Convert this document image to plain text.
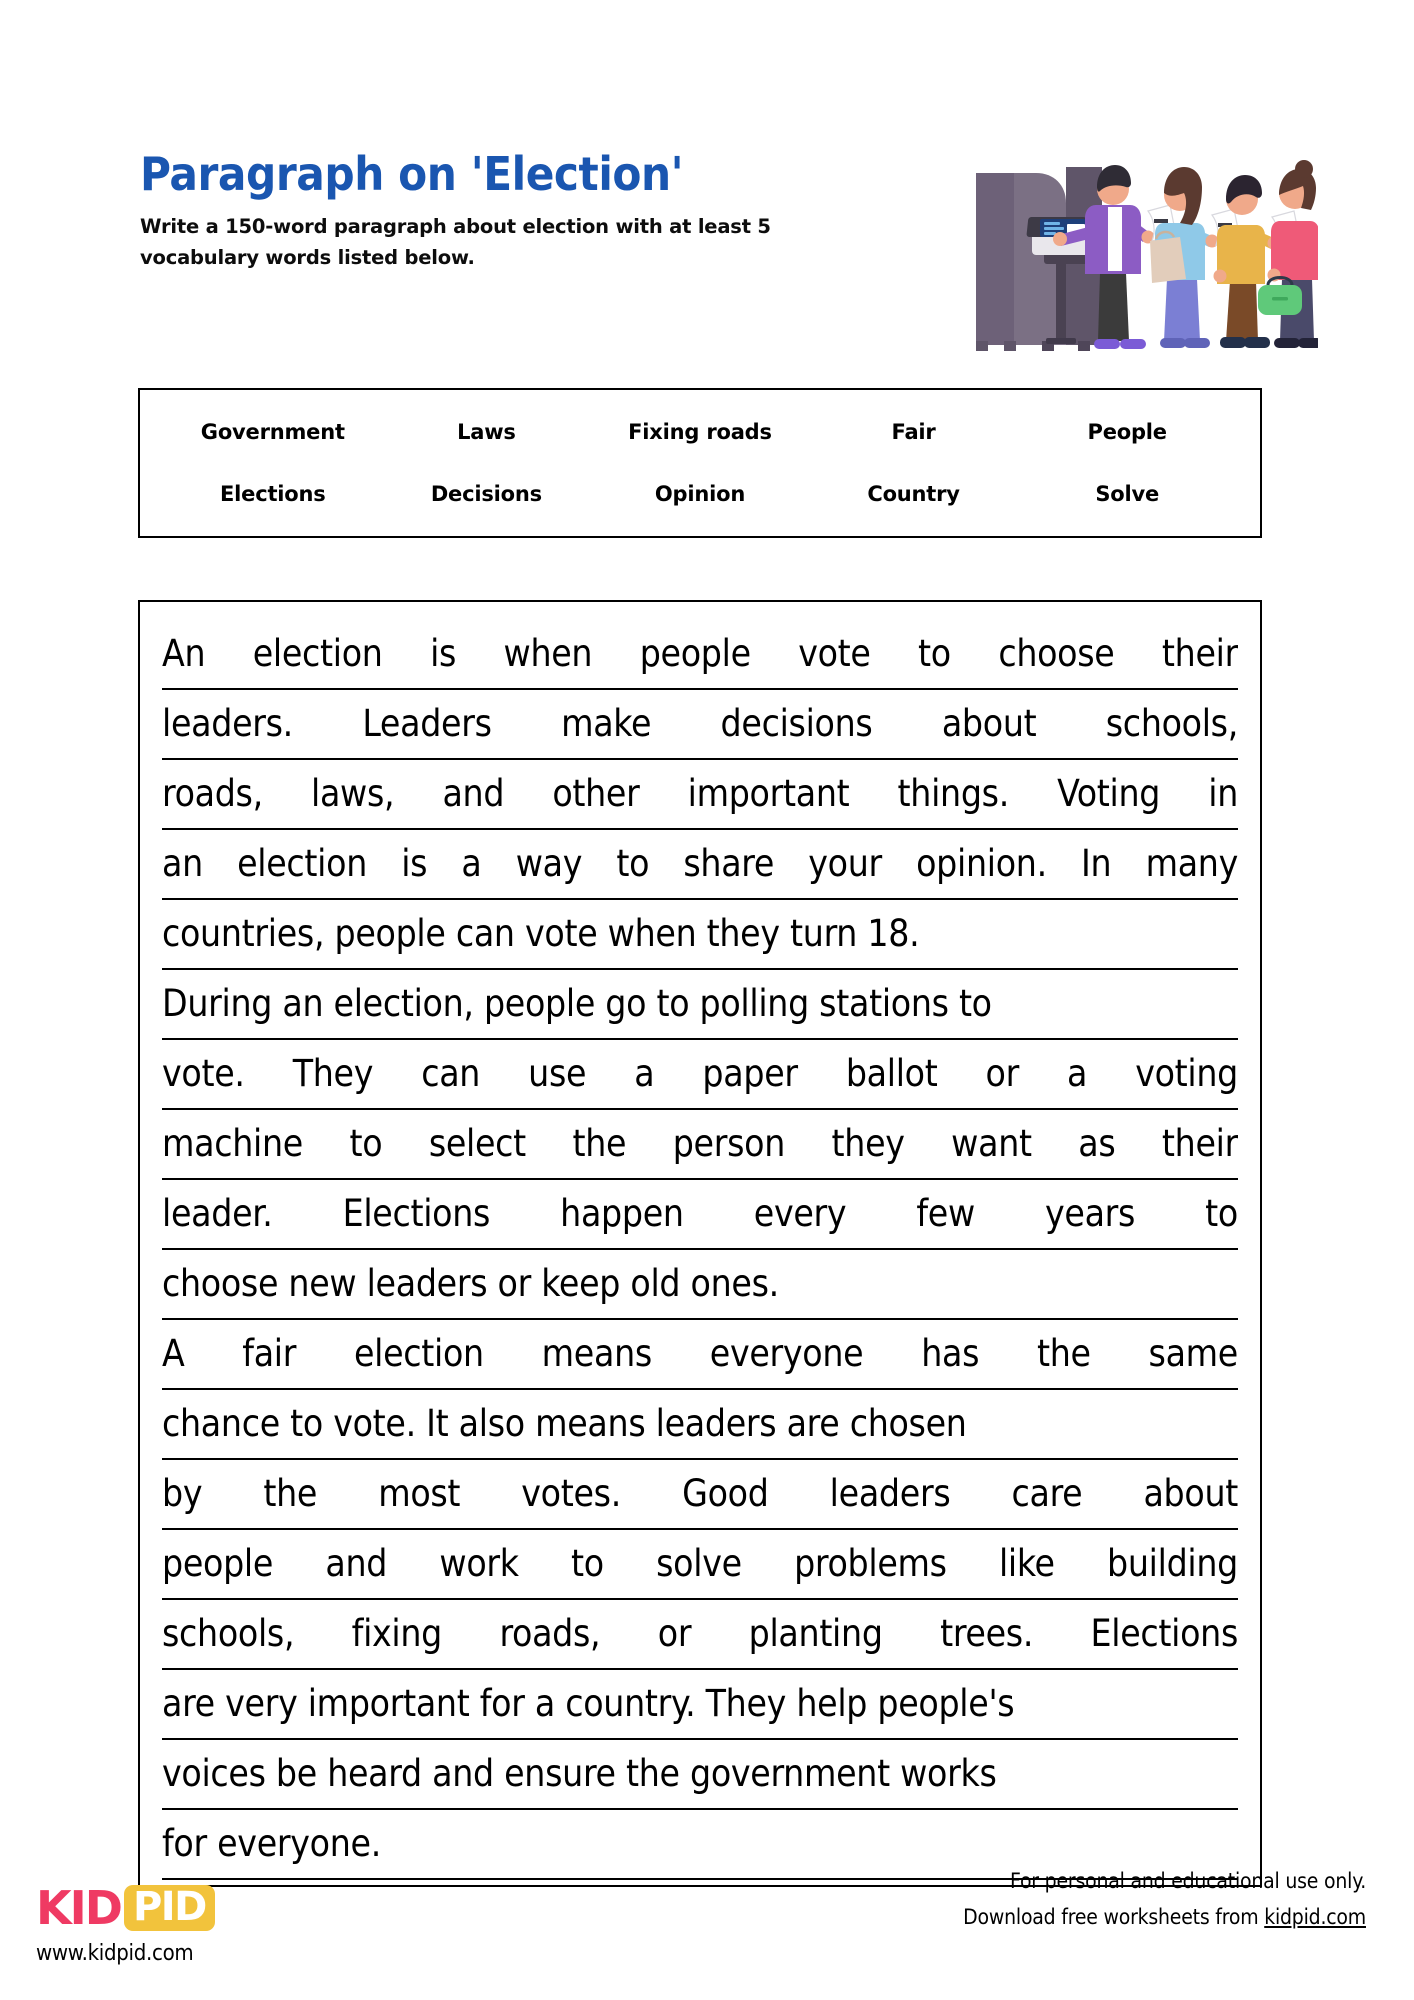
Paragraph on 'Election'
Write a 150-word paragraph about election with at least 5
vocabulary words listed below.
Government	Laws	Fixing roads	Fair	People
Elections	Decisions	Opinion	Country	Solve
An election is when people vote to choose their
leaders. Leaders make decisions about schools,
roads, laws, and other important things. Voting in
an election is a way to share your opinion. In many
countries, people can vote when they turn 18.
During an election, people go to polling stations to
vote. They can use a paper ballot or a voting
machine to select the person they want as their
leader. Elections happen every few years to
choose new leaders or keep old ones.
A fair election means everyone has the same
chance to vote. It also means leaders are chosen
by the most votes. Good leaders care about
people and work to solve problems like building
schools, fixing roads, or planting trees. Elections
are very important for a country. They help people's
voices be heard and ensure the government works
for everyone.
KID PID
www.kidpid.com
For personal and educational use only.
Download free worksheets from kidpid.com
